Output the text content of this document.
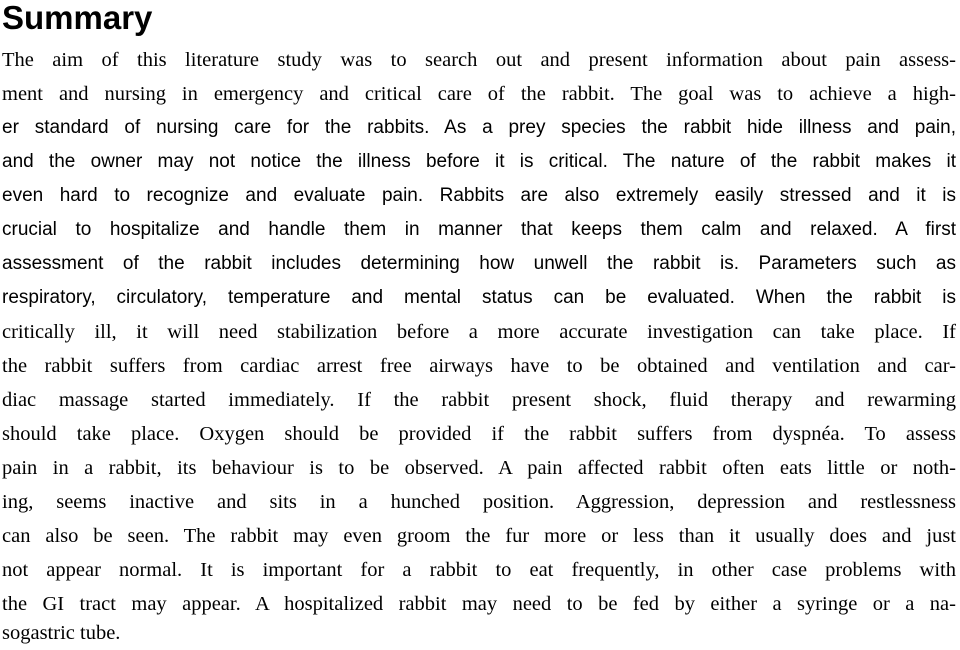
Summary
The aim of this literature study was to search out and present information about pain assess-
ment and nursing in emergency and critical care of the rabbit. The goal was to achieve a high-
er standard of nursing care for the rabbits. As a prey species the rabbit hide illness and pain,
and the owner may not notice the illness before it is critical. The nature of the rabbit makes it
even hard to recognize and evaluate pain. Rabbits are also extremely easily stressed and it is
crucial to hospitalize and handle them in manner that keeps them calm and relaxed. A first
assessment of the rabbit includes determining how unwell the rabbit is. Parameters such as
respiratory, circulatory, temperature and mental status can be evaluated. When the rabbit is
critically ill, it will need stabilization before a more accurate investigation can take place. If
the rabbit suffers from cardiac arrest free airways have to be obtained and ventilation and car-
diac massage started immediately. If the rabbit present shock, fluid therapy and rewarming
should take place. Oxygen should be provided if the rabbit suffers from dyspnéa. To assess
pain in a rabbit, its behaviour is to be observed. A pain affected rabbit often eats little or noth-
ing, seems inactive and sits in a hunched position. Aggression, depression and restlessness
can also be seen. The rabbit may even groom the fur more or less than it usually does and just
not appear normal. It is important for a rabbit to eat frequently, in other case problems with
the GI tract may appear. A hospitalized rabbit may need to be fed by either a syringe or a na-
sogastric tube.
